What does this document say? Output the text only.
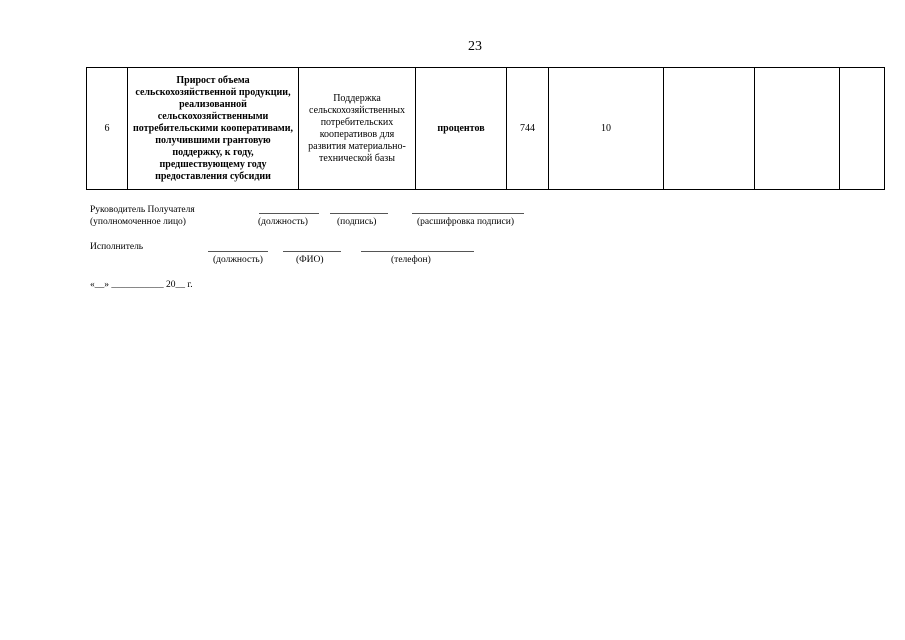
23
6	Прирост объема сельскохозяйственной продукции, реализованной сельскохозяйственными потребительскими кооперативами, получившими грантовую поддержку, к году, предшествующему году предоставления субсидии	Поддержка сельскохозяйственных потребительских кооперативов для развития материально-технической базы	процентов	744	10			
Руководитель Получателя
(уполномоченное лицо)	(должность)	(подпись)	(расшифровка подписи)
Исполнитель
(должность)	(ФИО)	(телефон)
«__» ___________ 20__ г.
